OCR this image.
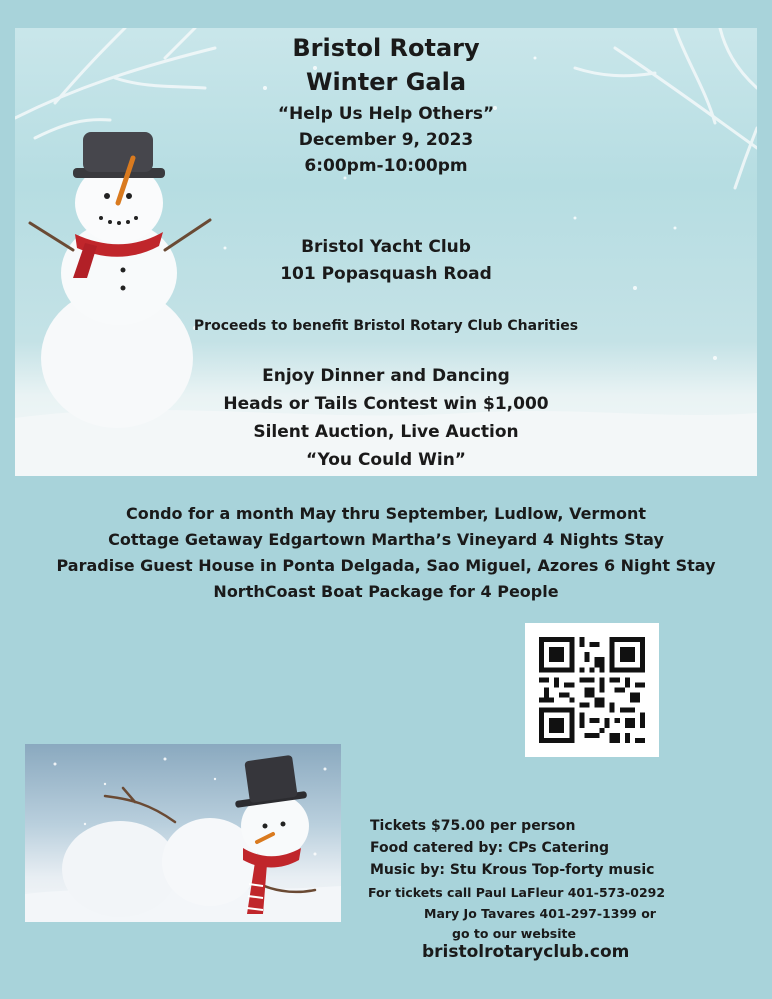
Bristol Rotary
Winter Gala
“Help Us Help Others”
December 9, 2023
6:00pm-10:00pm
Bristol Yacht Club
101 Popasquash Road
Proceeds to benefit Bristol Rotary Club Charities
Enjoy Dinner and Dancing
Heads or Tails Contest win $1,000
Silent Auction, Live Auction
“You Could Win”
Condo for a month May thru September, Ludlow, Vermont
Cottage Getaway Edgartown Martha’s Vineyard 4 Nights Stay
Paradise Guest House in Ponta Delgada, Sao Miguel, Azores 6 Night Stay
NorthCoast Boat Package for 4 People
Tickets $75.00 per person
Food catered by: CPs Catering
Music by: Stu Krous Top-forty music
For tickets call Paul LaFleur 401-573-0292
Mary Jo Tavares 401-297-1399 or
go to our website
bristolrotaryclub.com
